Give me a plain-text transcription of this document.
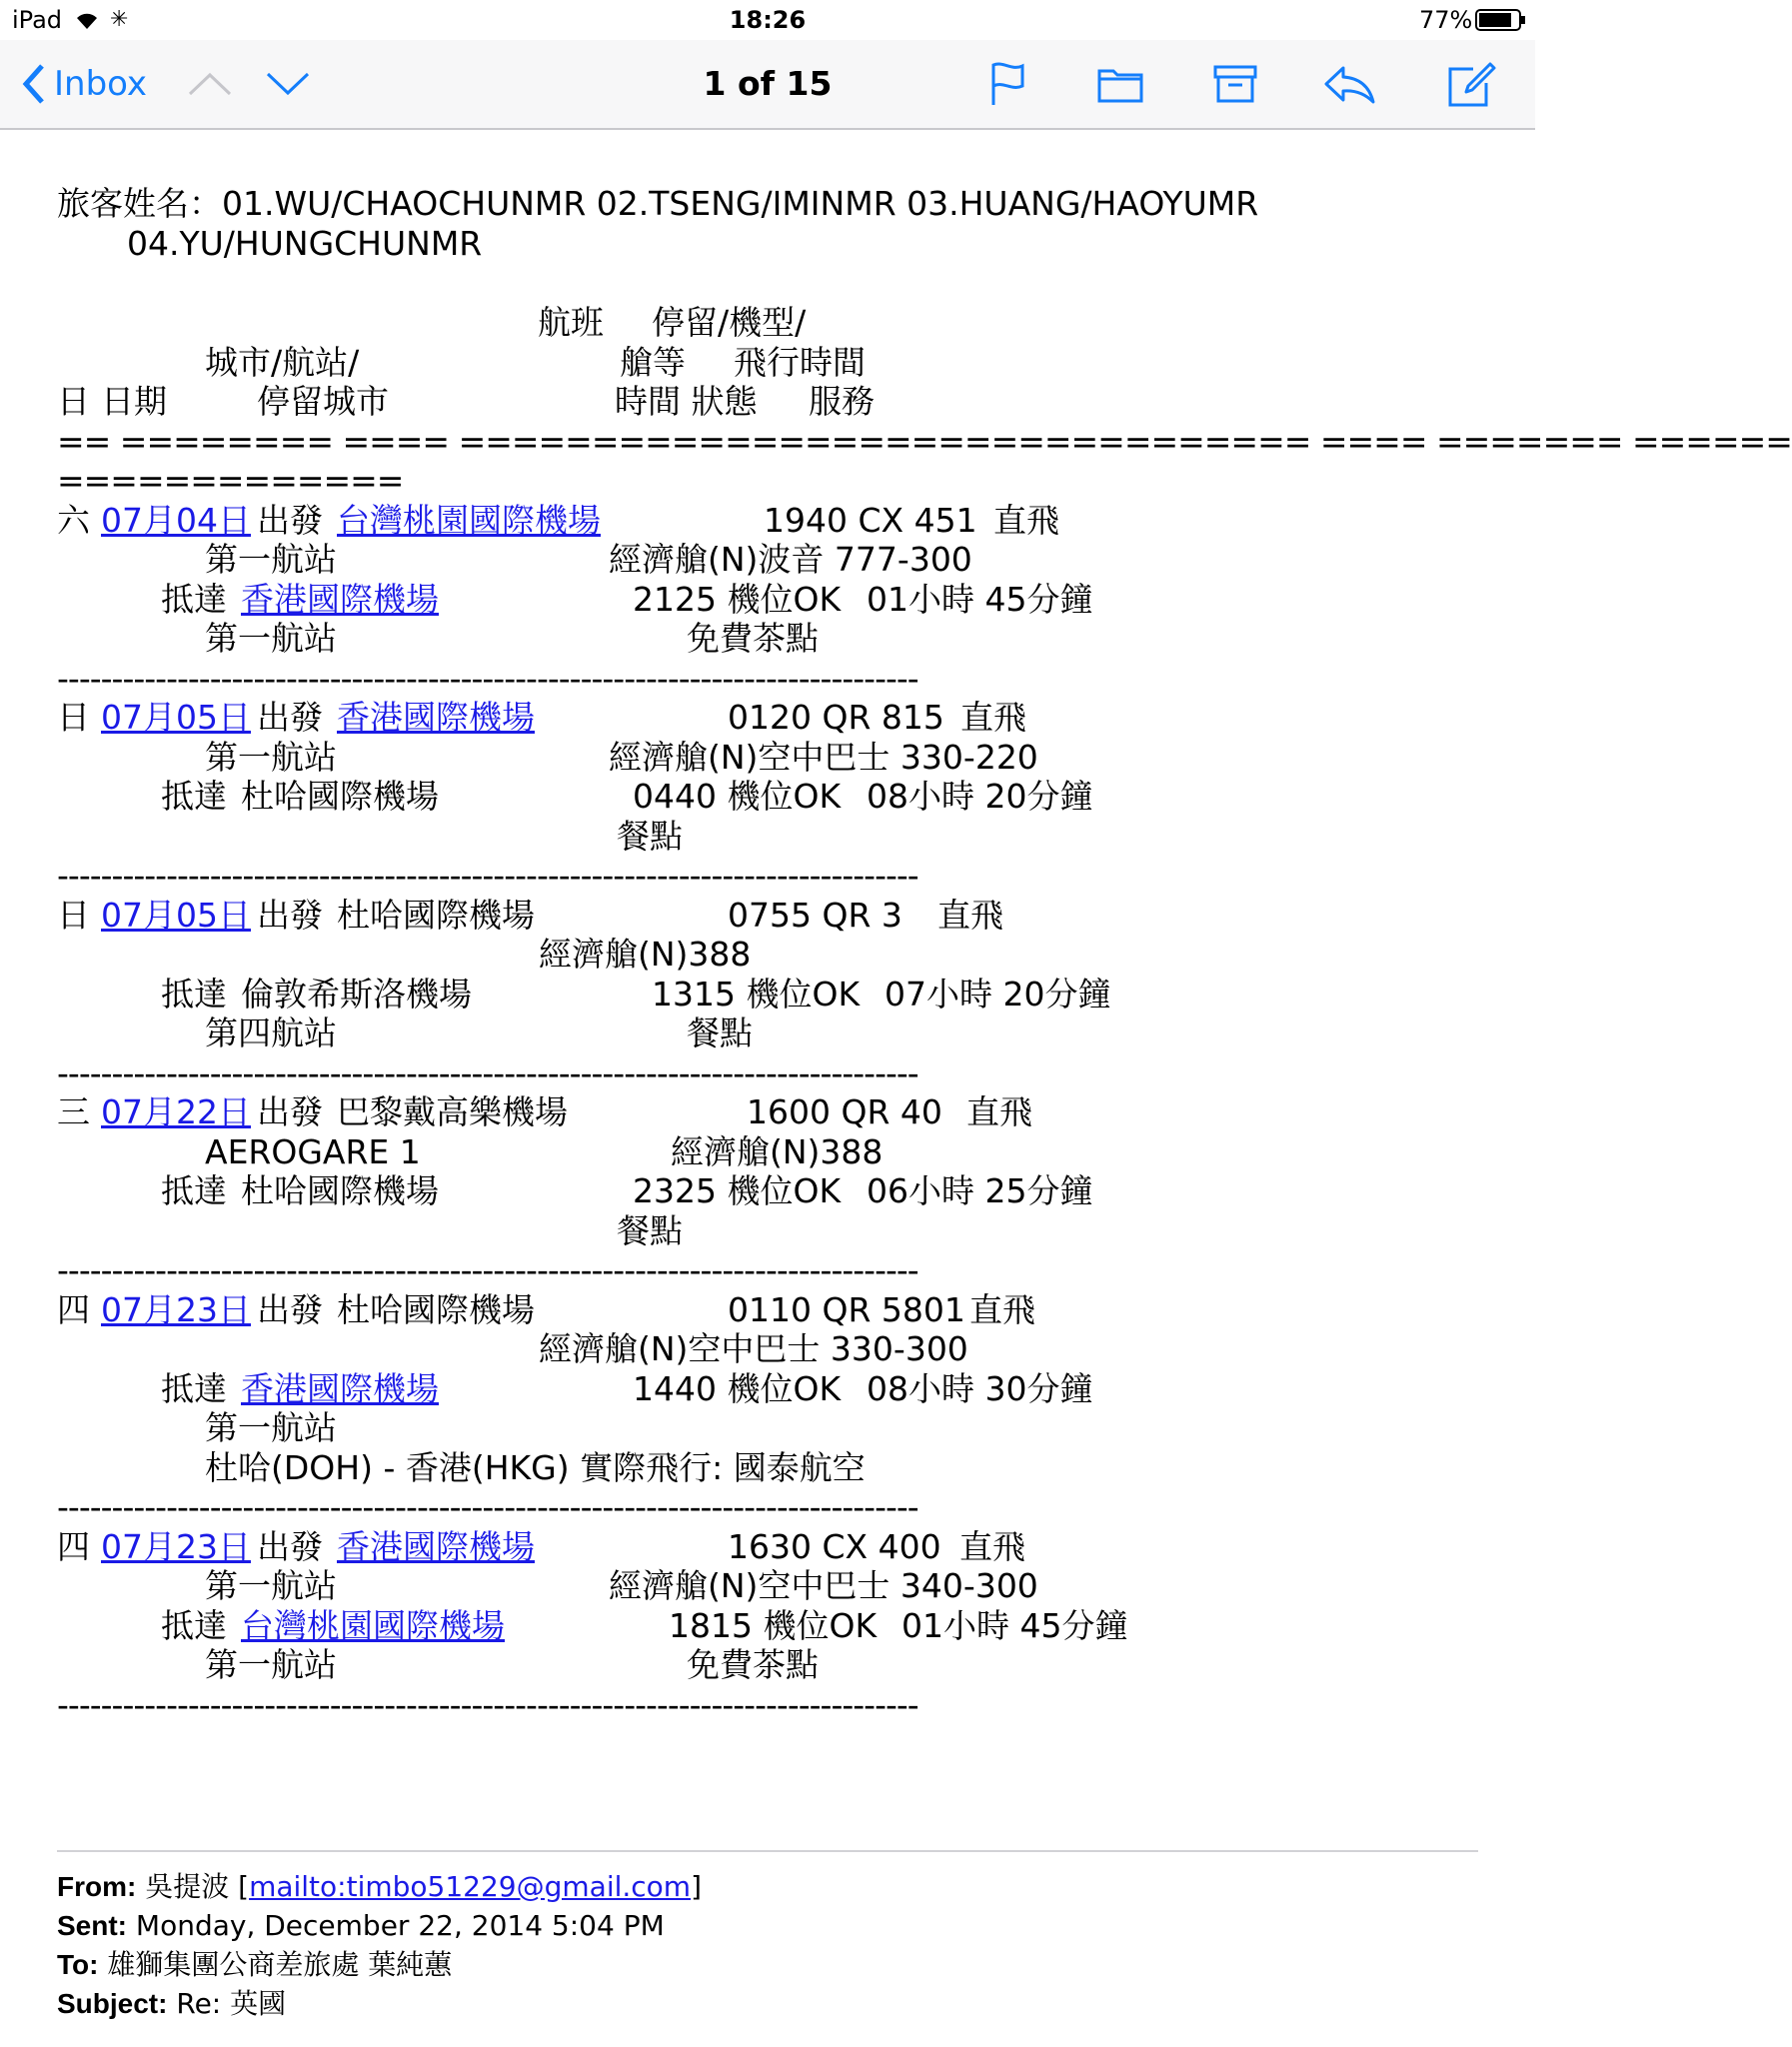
iPad ✳	18:26	77%
Inbox	1 of 15
旅客姓名：01.WU/CHAOCHUNMR 02.TSENG/IMINMR 03.HUANG/HAOYUMR
04.YU/HUNGCHUNMR
航班 停留/機型/
城市/航站/	艙等 飛行時間
日 日期	停留城市	時間 狀態 服務
== ======== ==== ================================ ==== ======= ======
=============
六 07月04日 出發 台灣桃園國際機場	1940 CX 451 直飛
第一航站	經濟艙(N)波音 777-300
抵達 香港國際機場	2125 機位OK 01小時 45分鐘
第一航站	免費茶點
-------------------------------------------------------------------------------
日 07月05日 出發 香港國際機場	0120 QR 815 直飛
第一航站	經濟艙(N)空中巴士 330-220
抵達 杜哈國際機場	0440 機位OK 08小時 20分鐘
餐點
-------------------------------------------------------------------------------
日 07月05日 出發 杜哈國際機場	0755 QR 3 直飛
經濟艙(N)388
抵達 倫敦希斯洛機場	1315 機位OK 07小時 20分鐘
第四航站	餐點
-------------------------------------------------------------------------------
三 07月22日 出發 巴黎戴高樂機場	1600 QR 40 直飛
AEROGARE 1	經濟艙(N)388
抵達 杜哈國際機場	2325 機位OK 06小時 25分鐘
餐點
-------------------------------------------------------------------------------
四 07月23日 出發 杜哈國際機場	0110 QR 5801 直飛
經濟艙(N)空中巴士 330-300
抵達 香港國際機場	1440 機位OK 08小時 30分鐘
第一航站
杜哈(DOH) - 香港(HKG) 實際飛行: 國泰航空
-------------------------------------------------------------------------------
四 07月23日 出發 香港國際機場	1630 CX 400 直飛
第一航站	經濟艙(N)空中巴士 340-300
抵達 台灣桃園國際機場	1815 機位OK 01小時 45分鐘
第一航站	免費茶點
-------------------------------------------------------------------------------
From: 吳提波 [mailto:timbo51229@gmail.com]
Sent: Monday, December 22, 2014 5:04 PM
To: 雄獅集團公商差旅處 葉純蕙
Subject: Re: 英國
